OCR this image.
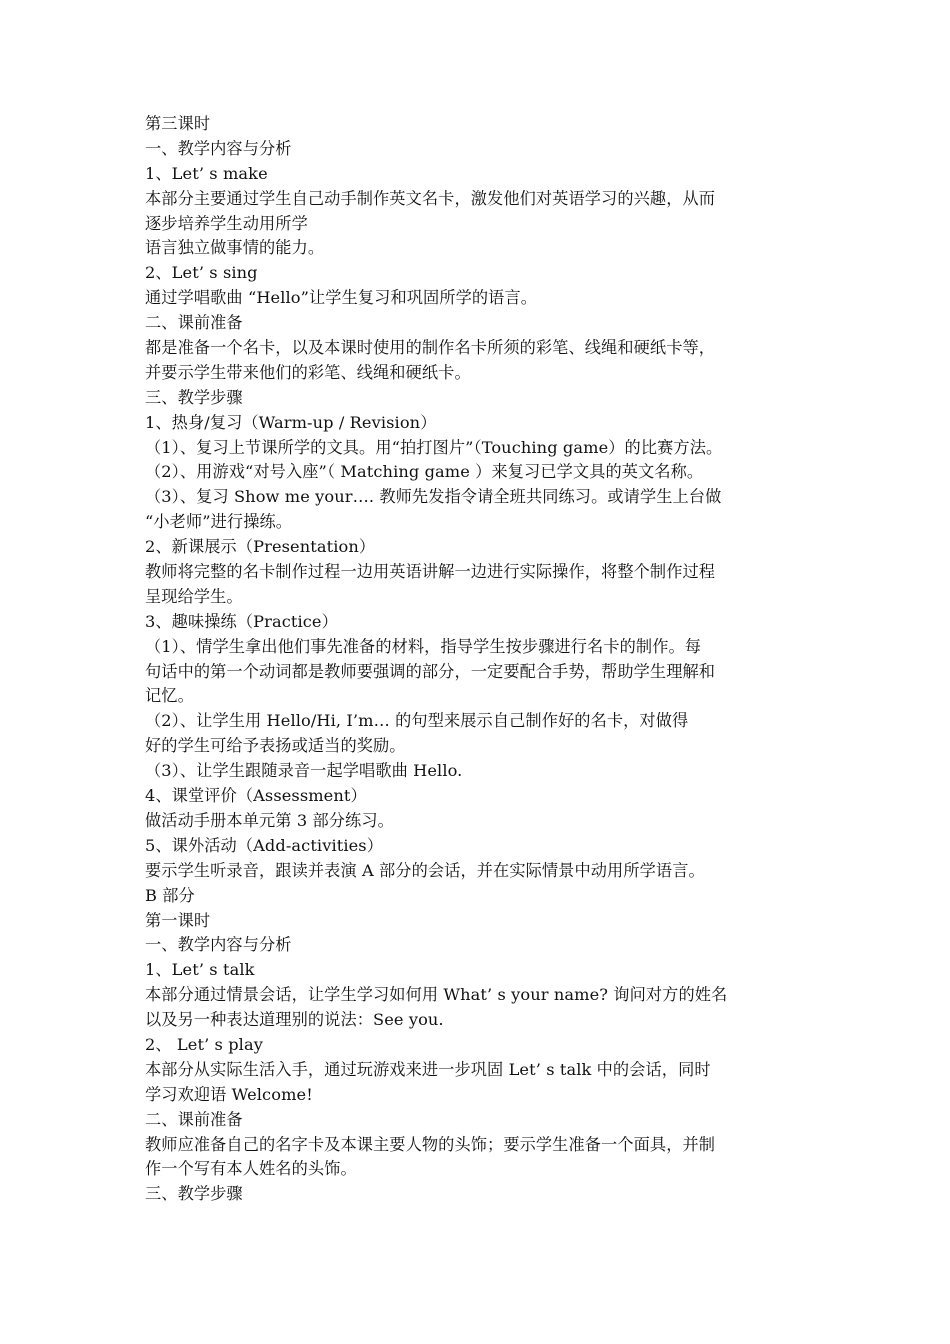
第三课时
一、教学内容与分析
1、Let’ s make
本部分主要通过学生自己动手制作英文名卡，激发他们对英语学习的兴趣，从而
逐步培养学生动用所学
语言独立做事情的能力。
2、Let’ s sing
通过学唱歌曲 “Hello”让学生复习和巩固所学的语言。
二、课前准备
都是准备一个名卡，以及本课时使用的制作名卡所须的彩笔、线绳和硬纸卡等，
并要示学生带来他们的彩笔、线绳和硬纸卡。
三、教学步骤
1、热身/复习（Warm-up / Revision）
（1）、复习上节课所学的文具。用“拍打图片”（Touching game）的比赛方法。
（2）、用游戏“对号入座”（ Matching game ）来复习已学文具的英文名称。
（3）、复习 Show me your…. 教师先发指令请全班共同练习。或请学生上台做
“小老师”进行操练。
2、新课展示（Presentation）
教师将完整的名卡制作过程一边用英语讲解一边进行实际操作，将整个制作过程
呈现给学生。
3、趣味操练（Practice）
（1）、情学生拿出他们事先准备的材料，指导学生按步骤进行名卡的制作。每
句话中的第一个动词都是教师要强调的部分，一定要配合手势，帮助学生理解和
记忆。
（2）、让学生用 Hello/Hi, I’m… 的句型来展示自己制作好的名卡，对做得
好的学生可给予表扬或适当的奖励。
（3）、让学生跟随录音一起学唱歌曲 Hello.
4、课堂评价（Assessment）
做活动手册本单元第 3 部分练习。
5、课外活动（Add-activities）
要示学生听录音，跟读并表演 A 部分的会话，并在实际情景中动用所学语言。
B 部分
第一课时
一、教学内容与分析
1、Let’ s talk
本部分通过情景会话，让学生学习如何用 What’ s your name? 询问对方的姓名
以及另一种表达道理别的说法：See you.
2、 Let’ s play
本部分从实际生活入手，通过玩游戏来进一步巩固 Let’ s talk 中的会话，同时
学习欢迎语 Welcome!
二、课前准备
教师应准备自己的名字卡及本课主要人物的头饰；要示学生准备一个面具，并制
作一个写有本人姓名的头饰。
三、教学步骤
